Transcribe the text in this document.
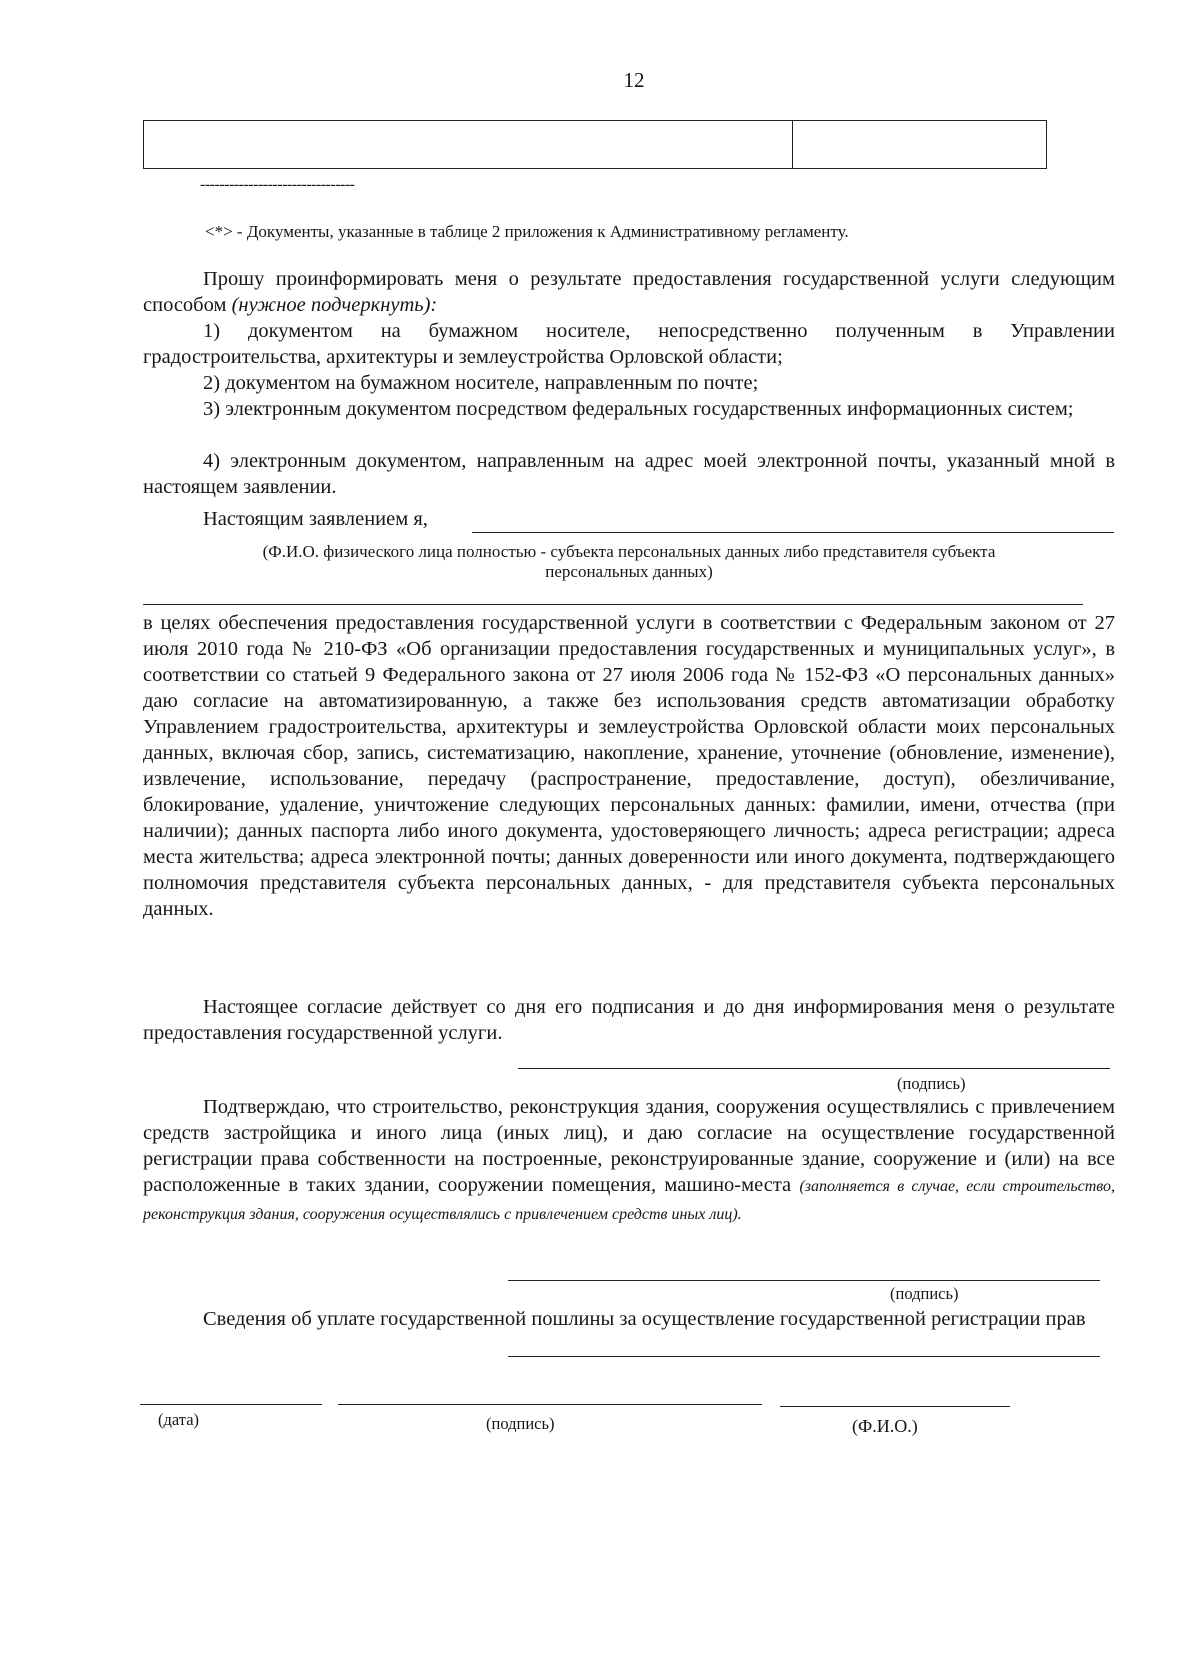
12
--------------------------------
<*> - Документы, указанные в таблице 2 приложения к Административному регламенту.

Прошу проинформировать меня о результате предоставления государственной услуги следующим способом (нужное подчеркнуть):

1) документом на бумажном носителе, непосредственно полученным в Управлении градостроительства, архитектуры и землеустройства Орловской области;

2) документом на бумажном носителе, направленным по почте;

3) электронным документом посредством федеральных государственных информационных систем;

4) электронным документом, направленным на адрес моей электронной почты, указанный мной в настоящем заявлении.

Настоящим заявлением я,
(Ф.И.О. физического лица полностью - субъекта персональных данных либо представителя субъекта
персональных данных)

в целях обеспечения предоставления государственной услуги в соответствии с Федеральным законом от 27 июля 2010 года № 210-ФЗ «Об организации предоставления государственных и муниципальных услуг», в соответствии со статьей 9 Федерального закона от 27 июля 2006 года № 152-ФЗ «О персональных данных» даю согласие на автоматизированную, а также без использования средств автоматизации обработку Управлением градостроительства, архитектуры и землеустройства Орловской области моих персональных данных, включая сбор, запись, систематизацию, накопление, хранение, уточнение (обновление, изменение), извлечение, использование, передачу (распространение, предоставление, доступ), обезличивание, блокирование, удаление, уничтожение следующих персональных данных: фамилии, имени, отчества (при наличии); данных паспорта либо иного документа, удостоверяющего личность; адреса регистрации; адреса места жительства; адреса электронной почты; данных доверенности или иного документа, подтверждающего полномочия представителя субъекта персональных данных, - для представителя субъекта персональных данных.

Настоящее согласие действует со дня его подписания и до дня информирования меня о результате предоставления государственной услуги.

(подпись)

Подтверждаю, что строительство, реконструкция здания, сооружения осуществлялись с привлечением средств застройщика и иного лица (иных лиц), и даю согласие на осуществление государственной регистрации права собственности на построенные, реконструированные здание, сооружение и (или) на все расположенные в таких здании, сооружении помещения, машино-места (заполняется в случае, если строительство, реконструкция здания, сооружения осуществлялись с привлечением средств иных лиц).

(подпись)

Сведения об уплате государственной пошлины за осуществление государственной регистрации прав

(дата)	(подпись)	(Ф.И.О.)
